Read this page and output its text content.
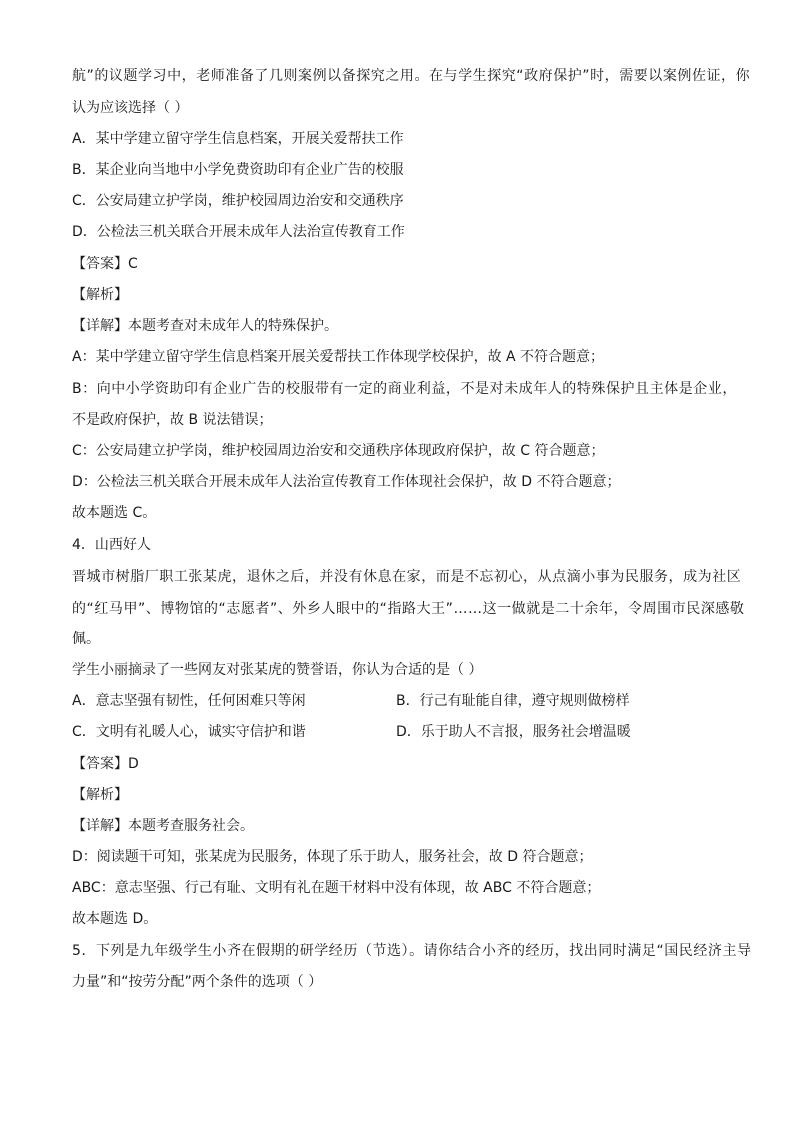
航”的议题学习中，老师准备了几则案例以备探究之用。在与学生探究“政府保护”时，需要以案例佐证，你
认为应该选择（ ）
A．某中学建立留守学生信息档案，开展关爱帮扶工作
B．某企业向当地中小学免费资助印有企业广告的校服
C．公安局建立护学岗，维护校园周边治安和交通秩序
D．公检法三机关联合开展未成年人法治宣传教育工作
【答案】C
【解析】
【详解】本题考查对未成年人的特殊保护。
A：某中学建立留守学生信息档案开展关爱帮扶工作体现学校保护，故 A 不符合题意；
B：向中小学资助印有企业广告的校服带有一定的商业利益，不是对未成年人的特殊保护且主体是企业，
不是政府保护，故 B 说法错误；
C：公安局建立护学岗，维护校园周边治安和交通秩序体现政府保护，故 C 符合题意；
D：公检法三机关联合开展未成年人法治宣传教育工作体现社会保护，故 D 不符合题意；
故本题选 C。
4．山西好人
晋城市树脂厂职工张某虎，退休之后，并没有休息在家，而是不忘初心，从点滴小事为民服务，成为社区
的“红马甲”、博物馆的“志愿者”、外乡人眼中的“指路大王”……这一做就是二十余年，令周围市民深感敬
佩。
学生小丽摘录了一些网友对张某虎的赞誉语，你认为合适的是（ ）
A．意志坚强有韧性，任何困难只等闲	B．行己有耻能自律，遵守规则做榜样
C．文明有礼暖人心，诚实守信护和谐	D．乐于助人不言报，服务社会增温暖
【答案】D
【解析】
【详解】本题考查服务社会。
D：阅读题干可知，张某虎为民服务，体现了乐于助人，服务社会，故 D 符合题意；
ABC：意志坚强、行己有耻、文明有礼在题干材料中没有体现，故 ABC 不符合题意；
故本题选 D。
5．下列是九年级学生小齐在假期的研学经历（节选）。请你结合小齐的经历，找出同时满足“国民经济主导
力量”和“按劳分配”两个条件的选项（ ）
